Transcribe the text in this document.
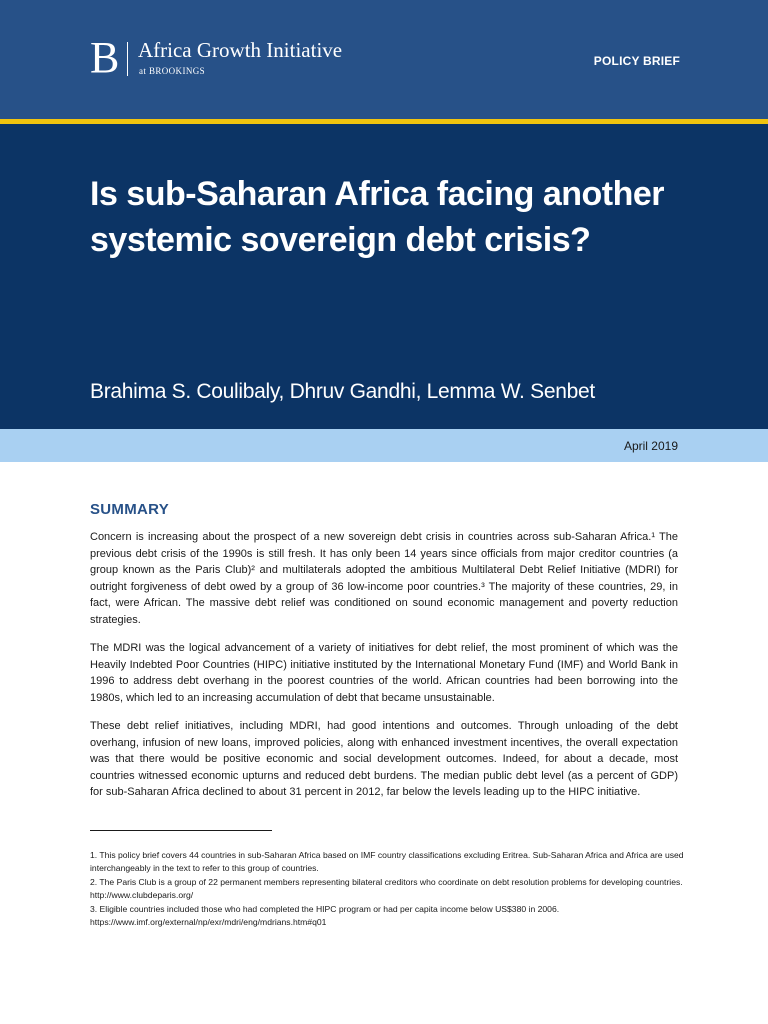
B Africa Growth Initiative
at BROOKINGS
POLICY BRIEF
Is sub-Saharan Africa facing another systemic sovereign debt crisis?
Brahima S. Coulibaly, Dhruv Gandhi, Lemma W. Senbet
April 2019
SUMMARY

Concern is increasing about the prospect of a new sovereign debt crisis in countries across sub-Saharan Africa.¹ The previous debt crisis of the 1990s is still fresh. It has only been 14 years since officials from major creditor countries (a group known as the Paris Club)² and multilaterals adopted the ambitious Multilateral Debt Relief Initiative (MDRI) for outright forgiveness of debt owed by a group of 36 low-income poor countries.³ The majority of these countries, 29, in fact, were African. The massive debt relief was conditioned on sound economic management and poverty reduction strategies.

The MDRI was the logical advancement of a variety of initiatives for debt relief, the most prominent of which was the Heavily Indebted Poor Countries (HIPC) initiative instituted by the International Monetary Fund (IMF) and World Bank in 1996 to address debt overhang in the poorest countries of the world. African countries had been borrowing into the 1980s, which led to an increasing accumulation of debt that became unsustainable.

These debt relief initiatives, including MDRI, had good intentions and outcomes. Through unloading of the debt overhang, infusion of new loans, improved policies, along with enhanced investment incentives, the overall expectation was that there would be positive economic and social development outcomes. Indeed, for about a decade, most countries witnessed economic upturns and reduced debt burdens. The median public debt level (as a percent of GDP) for sub-Saharan Africa declined to about 31 percent in 2012, far below the levels leading up to the HIPC initiative.

1. This policy brief covers 44 countries in sub-Saharan Africa based on IMF country classifications excluding Eritrea. Sub-Saharan Africa and Africa are used interchangeably in the text to refer to this group of countries.

2. The Paris Club is a group of 22 permanent members representing bilateral creditors who coordinate on debt resolution problems for developing countries. http://www.clubdeparis.org/

3. Eligible countries included those who had completed the HIPC program or had per capita income below US$380 in 2006. https://www.imf.org/external/np/exr/mdri/eng/mdrians.htm#q01
